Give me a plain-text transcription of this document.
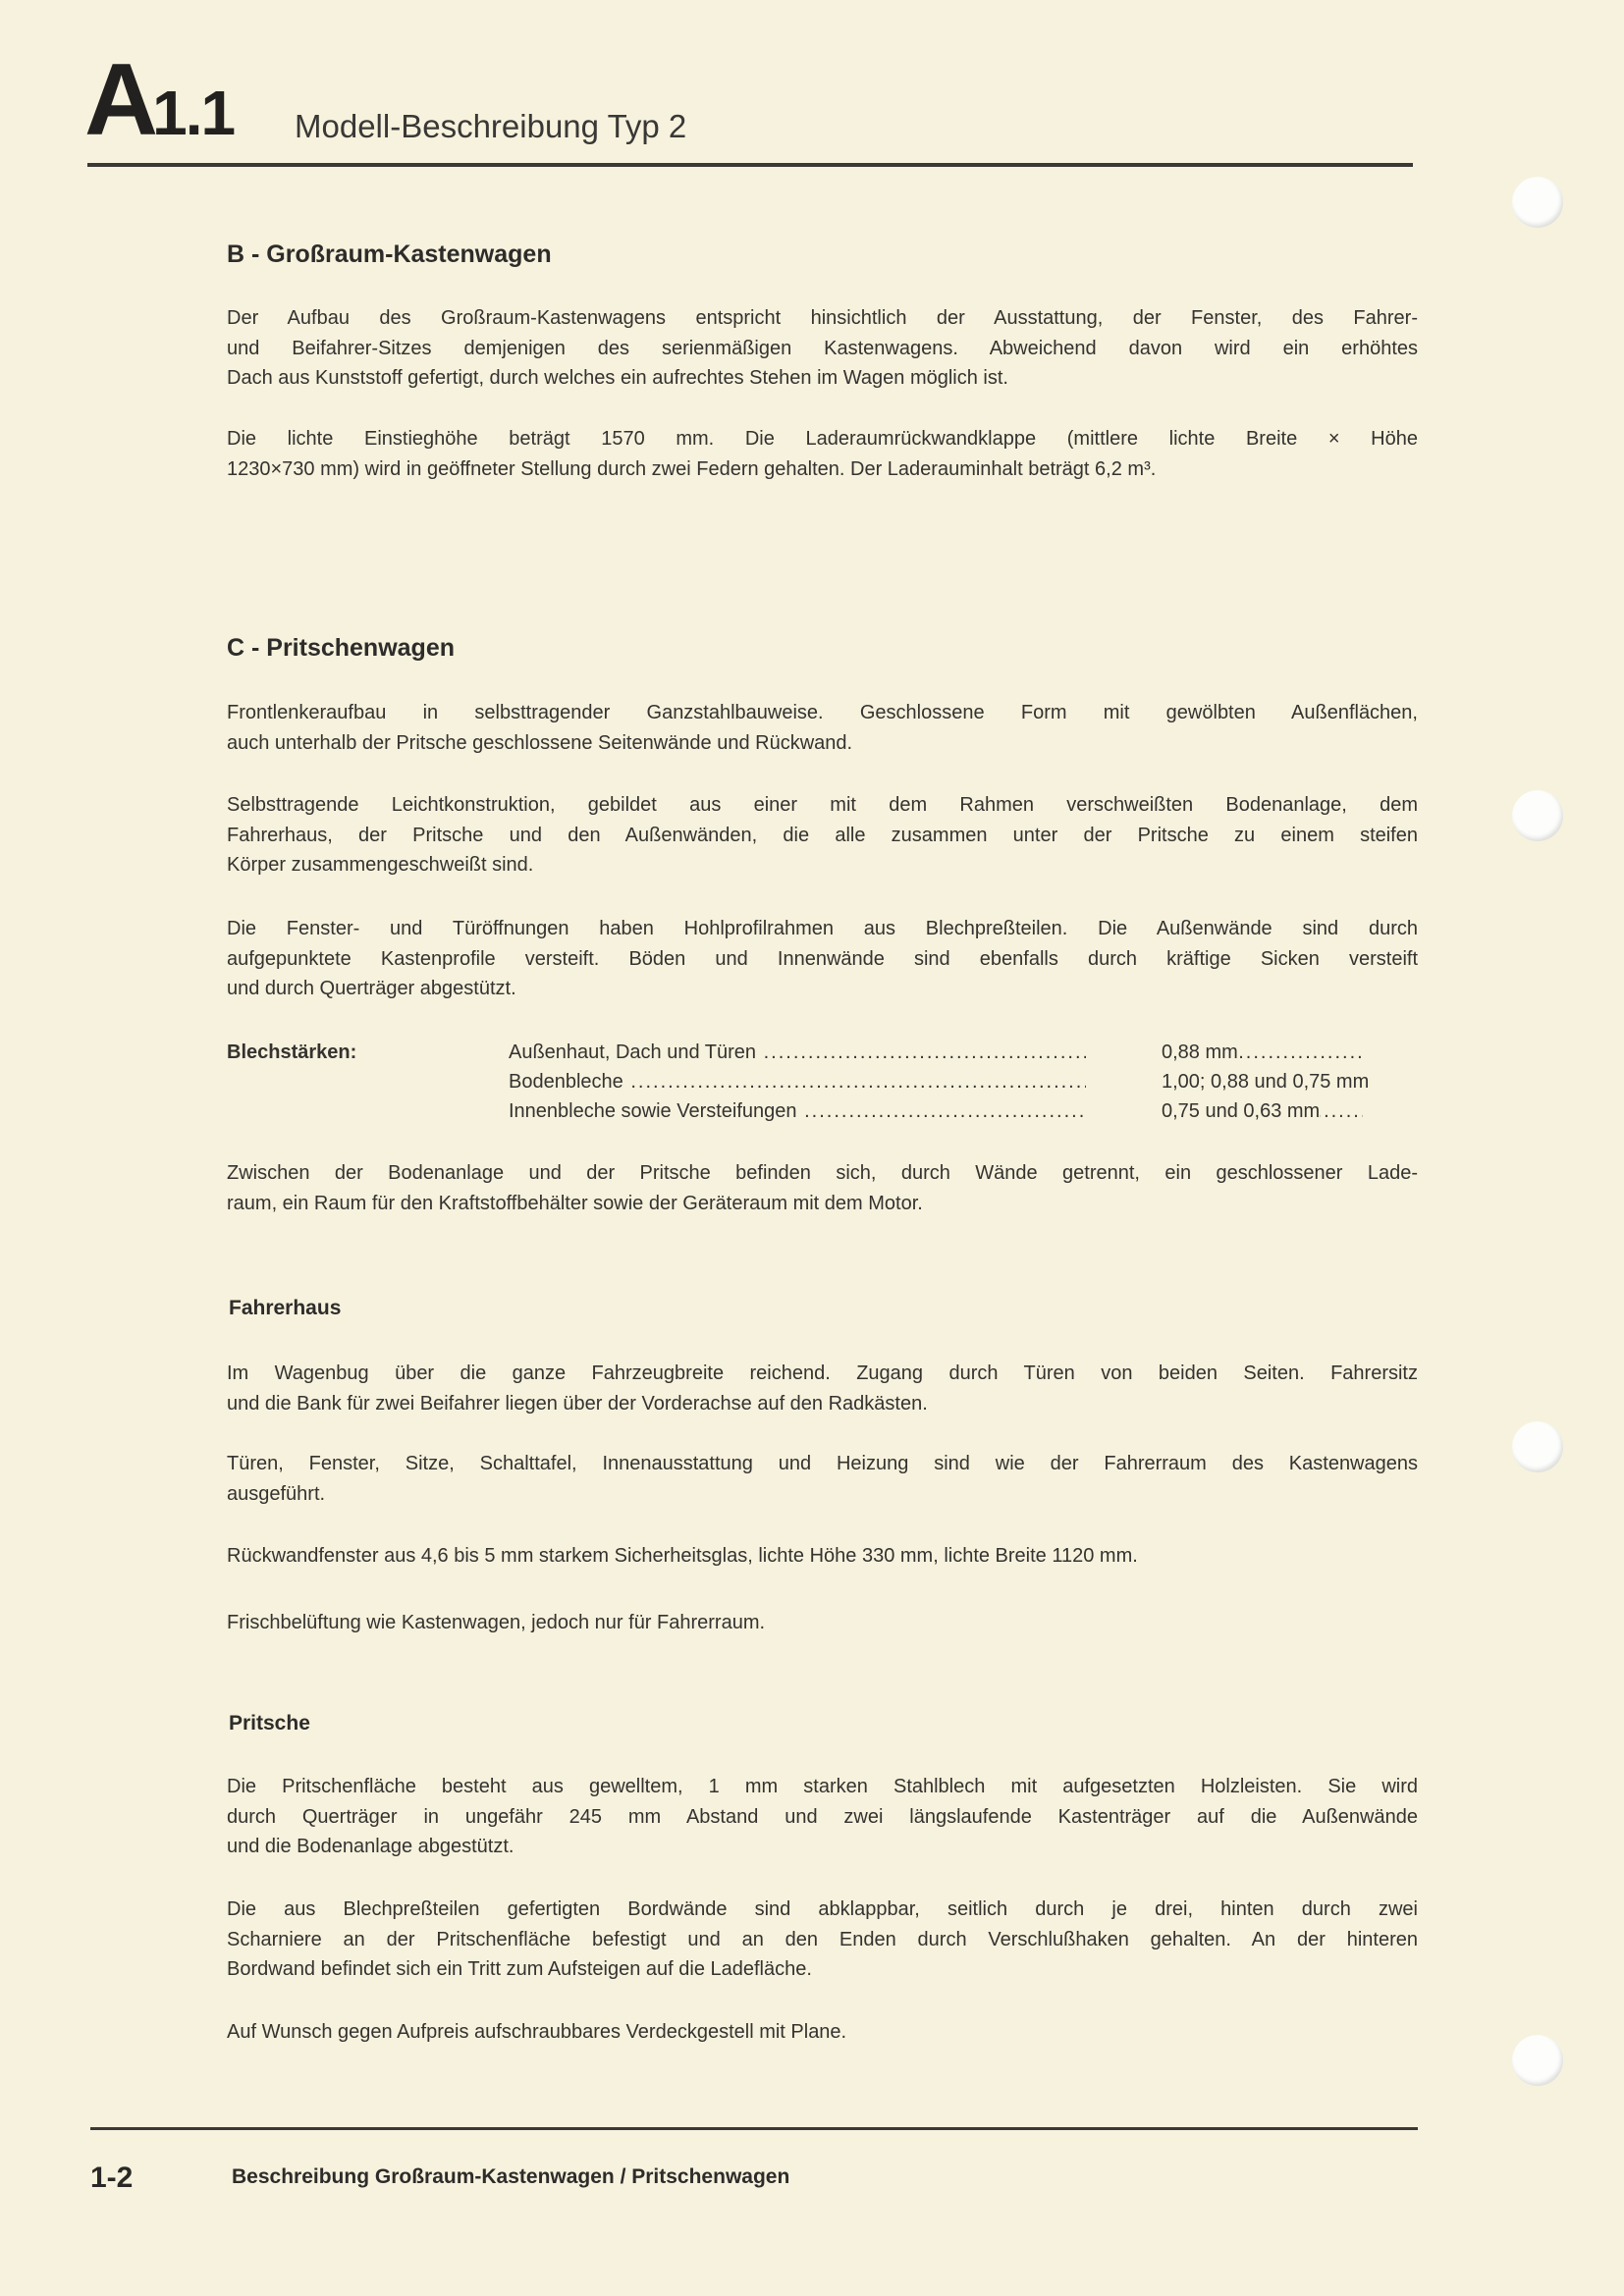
A1.1 Modell-Beschreibung Typ 2
B - Großraum-Kastenwagen
Der Aufbau des Großraum-Kastenwagens entspricht hinsichtlich der Ausstattung, der Fenster, des Fahrer-
und Beifahrer-Sitzes demjenigen des serienmäßigen Kastenwagens. Abweichend davon wird ein erhöhtes
Dach aus Kunststoff gefertigt, durch welches ein aufrechtes Stehen im Wagen möglich ist.
Die lichte Einstieghöhe beträgt 1570 mm. Die Laderaumrückwandklappe (mittlere lichte Breite × Höhe
1230×730 mm) wird in geöffneter Stellung durch zwei Federn gehalten. Der Laderauminhalt beträgt 6,2 m³.
C - Pritschenwagen
Frontlenkeraufbau in selbsttragender Ganzstahlbauweise. Geschlossene Form mit gewölbten Außenflächen,
auch unterhalb der Pritsche geschlossene Seitenwände und Rückwand.
Selbsttragende Leichtkonstruktion, gebildet aus einer mit dem Rahmen verschweißten Bodenanlage, dem
Fahrerhaus, der Pritsche und den Außenwänden, die alle zusammen unter der Pritsche zu einem steifen
Körper zusammengeschweißt sind.
Die Fenster- und Türöffnungen haben Hohlprofilrahmen aus Blechpreßteilen. Die Außenwände sind durch
aufgepunktete Kastenprofile versteift. Böden und Innenwände sind ebenfalls durch kräftige Sicken versteift
und durch Querträger abgestützt.
Blechstärken:	Außenhaut, Dach und Türen .....	0,88 mm
Bodenbleche .....	1,00; 0,88 und 0,75 mm
Innenbleche sowie Versteifungen .....	0,75 und 0,63 mm
Zwischen der Bodenanlage und der Pritsche befinden sich, durch Wände getrennt, ein geschlossener Lade-
raum, ein Raum für den Kraftstoffbehälter sowie der Geräteraum mit dem Motor.
Fahrerhaus
Im Wagenbug über die ganze Fahrzeugbreite reichend. Zugang durch Türen von beiden Seiten. Fahrersitz
und die Bank für zwei Beifahrer liegen über der Vorderachse auf den Radkästen.
Türen, Fenster, Sitze, Schalttafel, Innenausstattung und Heizung sind wie der Fahrerraum des Kastenwagens
ausgeführt.
Rückwandfenster aus 4,6 bis 5 mm starkem Sicherheitsglas, lichte Höhe 330 mm, lichte Breite 1120 mm.
Frischbelüftung wie Kastenwagen, jedoch nur für Fahrerraum.
Pritsche
Die Pritschenfläche besteht aus gewelltem, 1 mm starken Stahlblech mit aufgesetzten Holzleisten. Sie wird
durch Querträger in ungefähr 245 mm Abstand und zwei längslaufende Kastenträger auf die Außenwände
und die Bodenanlage abgestützt.
Die aus Blechpreßteilen gefertigten Bordwände sind abklappbar, seitlich durch je drei, hinten durch zwei
Scharniere an der Pritschenfläche befestigt und an den Enden durch Verschlußhaken gehalten. An der hinteren
Bordwand befindet sich ein Tritt zum Aufsteigen auf die Ladefläche.
Auf Wunsch gegen Aufpreis aufschraubbares Verdeckgestell mit Plane.
1-2	Beschreibung Großraum-Kastenwagen / Pritschenwagen
